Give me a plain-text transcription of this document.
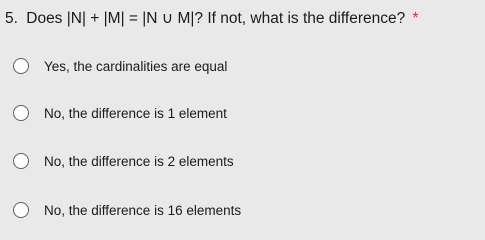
5. Does |N| + |M| = |N ∪ M|? If not, what is the difference? *
Yes, the cardinalities are equal
No, the difference is 1 element
No, the difference is 2 elements
No, the difference is 16 elements
